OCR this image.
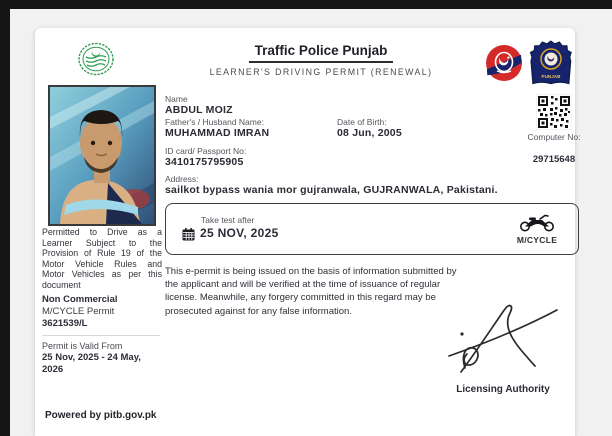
Permitted to Drive as a Learner Subject to the Provision of Rule 19 of the Motor Vehicle Rules and Motor Vehicles as per this document

Non Commercial
M/CYCLE Permit
3621539/L
Permit is Valid From
25 Nov, 2025 - 24 May, 2026
Powered by pitb.gov.pk
Traffic Police Punjab
LEARNER'S DRIVING PERMIT (RENEWAL)	PUNJAB
Computer No:
29715648
Name
ABDUL MOIZ
Father's / Husband Name:
MUHAMMAD IMRAN
Date of Birth:
08 Jun, 2005
ID card/ Passport No:
3410175795905
Address:
sailkot bypass wania mor gujranwala, GUJRANWALA, Pakistani.
Take test after
25 NOV, 2025	M/CYCLE

This e-permit is being issued on the basis of information submitted by the applicant and will be verified at the time of issuance of regular license. Meanwhile, any forgery committed in this regard may be prosecuted against for any false information.

Licensing Authority
